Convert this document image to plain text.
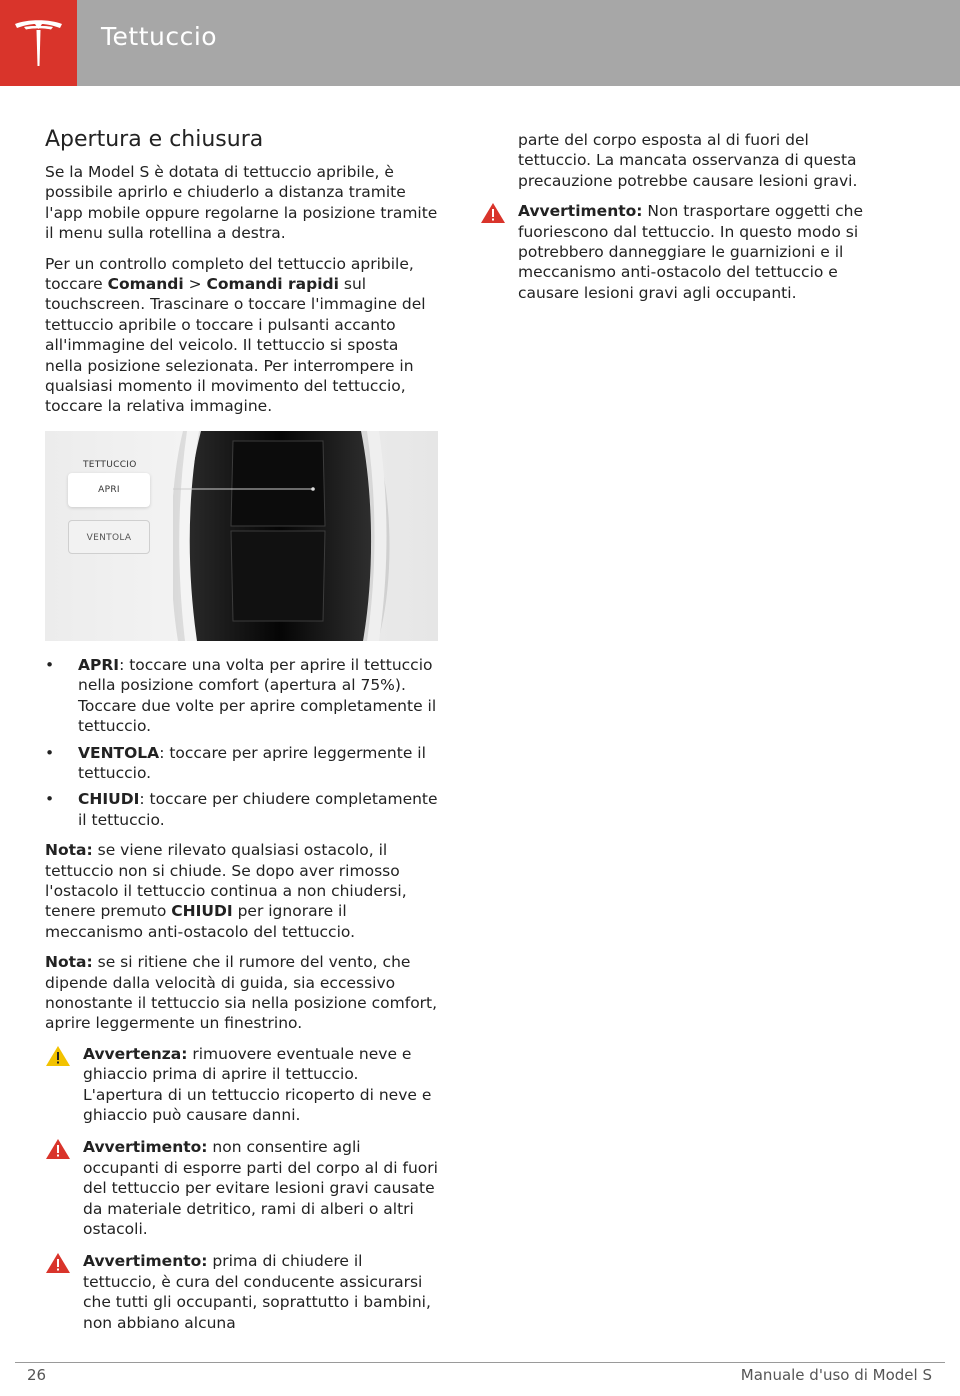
Tettuccio
Apertura e chiusura

Se la Model S è dotata di tettuccio apribile, è possibile aprirlo e chiuderlo a distanza tramite l'app mobile oppure regolarne la posizione tramite il menu sulla rotellina a destra.

Per un controllo completo del tettuccio apribile, toccare Comandi > Comandi rapidi sul touchscreen. Trascinare o toccare l'immagine del tettuccio apribile o toccare i pulsanti accanto all'immagine del veicolo. Il tettuccio si sposta nella posizione selezionata. Per interrompere in qualsiasi momento il movimento del tettuccio, toccare la relativa immagine.

TETTUCCIO
APRI
VENTOLA
• APRI: toccare una volta per aprire il tettuccio nella posizione comfort (apertura al 75%). Toccare due volte per aprire completamente il tettuccio.
• VENTOLA: toccare per aprire leggermente il tettuccio.
• CHIUDI: toccare per chiudere completamente il tettuccio.

Nota: se viene rilevato qualsiasi ostacolo, il tettuccio non si chiude. Se dopo aver rimosso l'ostacolo il tettuccio continua a non chiudersi, tenere premuto CHIUDI per ignorare il meccanismo anti-ostacolo del tettuccio.

Nota: se si ritiene che il rumore del vento, che dipende dalla velocità di guida, sia eccessivo nonostante il tettuccio sia nella posizione comfort, aprire leggermente un finestrino.

Avvertenza: rimuovere eventuale neve e ghiaccio prima di aprire il tettuccio. L'apertura di un tettuccio ricoperto di neve e ghiaccio può causare danni.
Avvertimento: non consentire agli occupanti di esporre parti del corpo al di fuori del tettuccio per evitare lesioni gravi causate da materiale detritico, rami di alberi o altri ostacoli.
Avvertimento: prima di chiudere il tettuccio, è cura del conducente assicurarsi che tutti gli occupanti, soprattutto i bambini, non abbiano alcuna

parte del corpo esposta al di fuori del tettuccio. La mancata osservanza di questa precauzione potrebbe causare lesioni gravi.

Avvertimento: Non trasportare oggetti che fuoriescono dal tettuccio. In questo modo si potrebbero danneggiare le guarnizioni e il meccanismo anti-ostacolo del tettuccio e causare lesioni gravi agli occupanti.
26	Manuale d'uso di Model S
